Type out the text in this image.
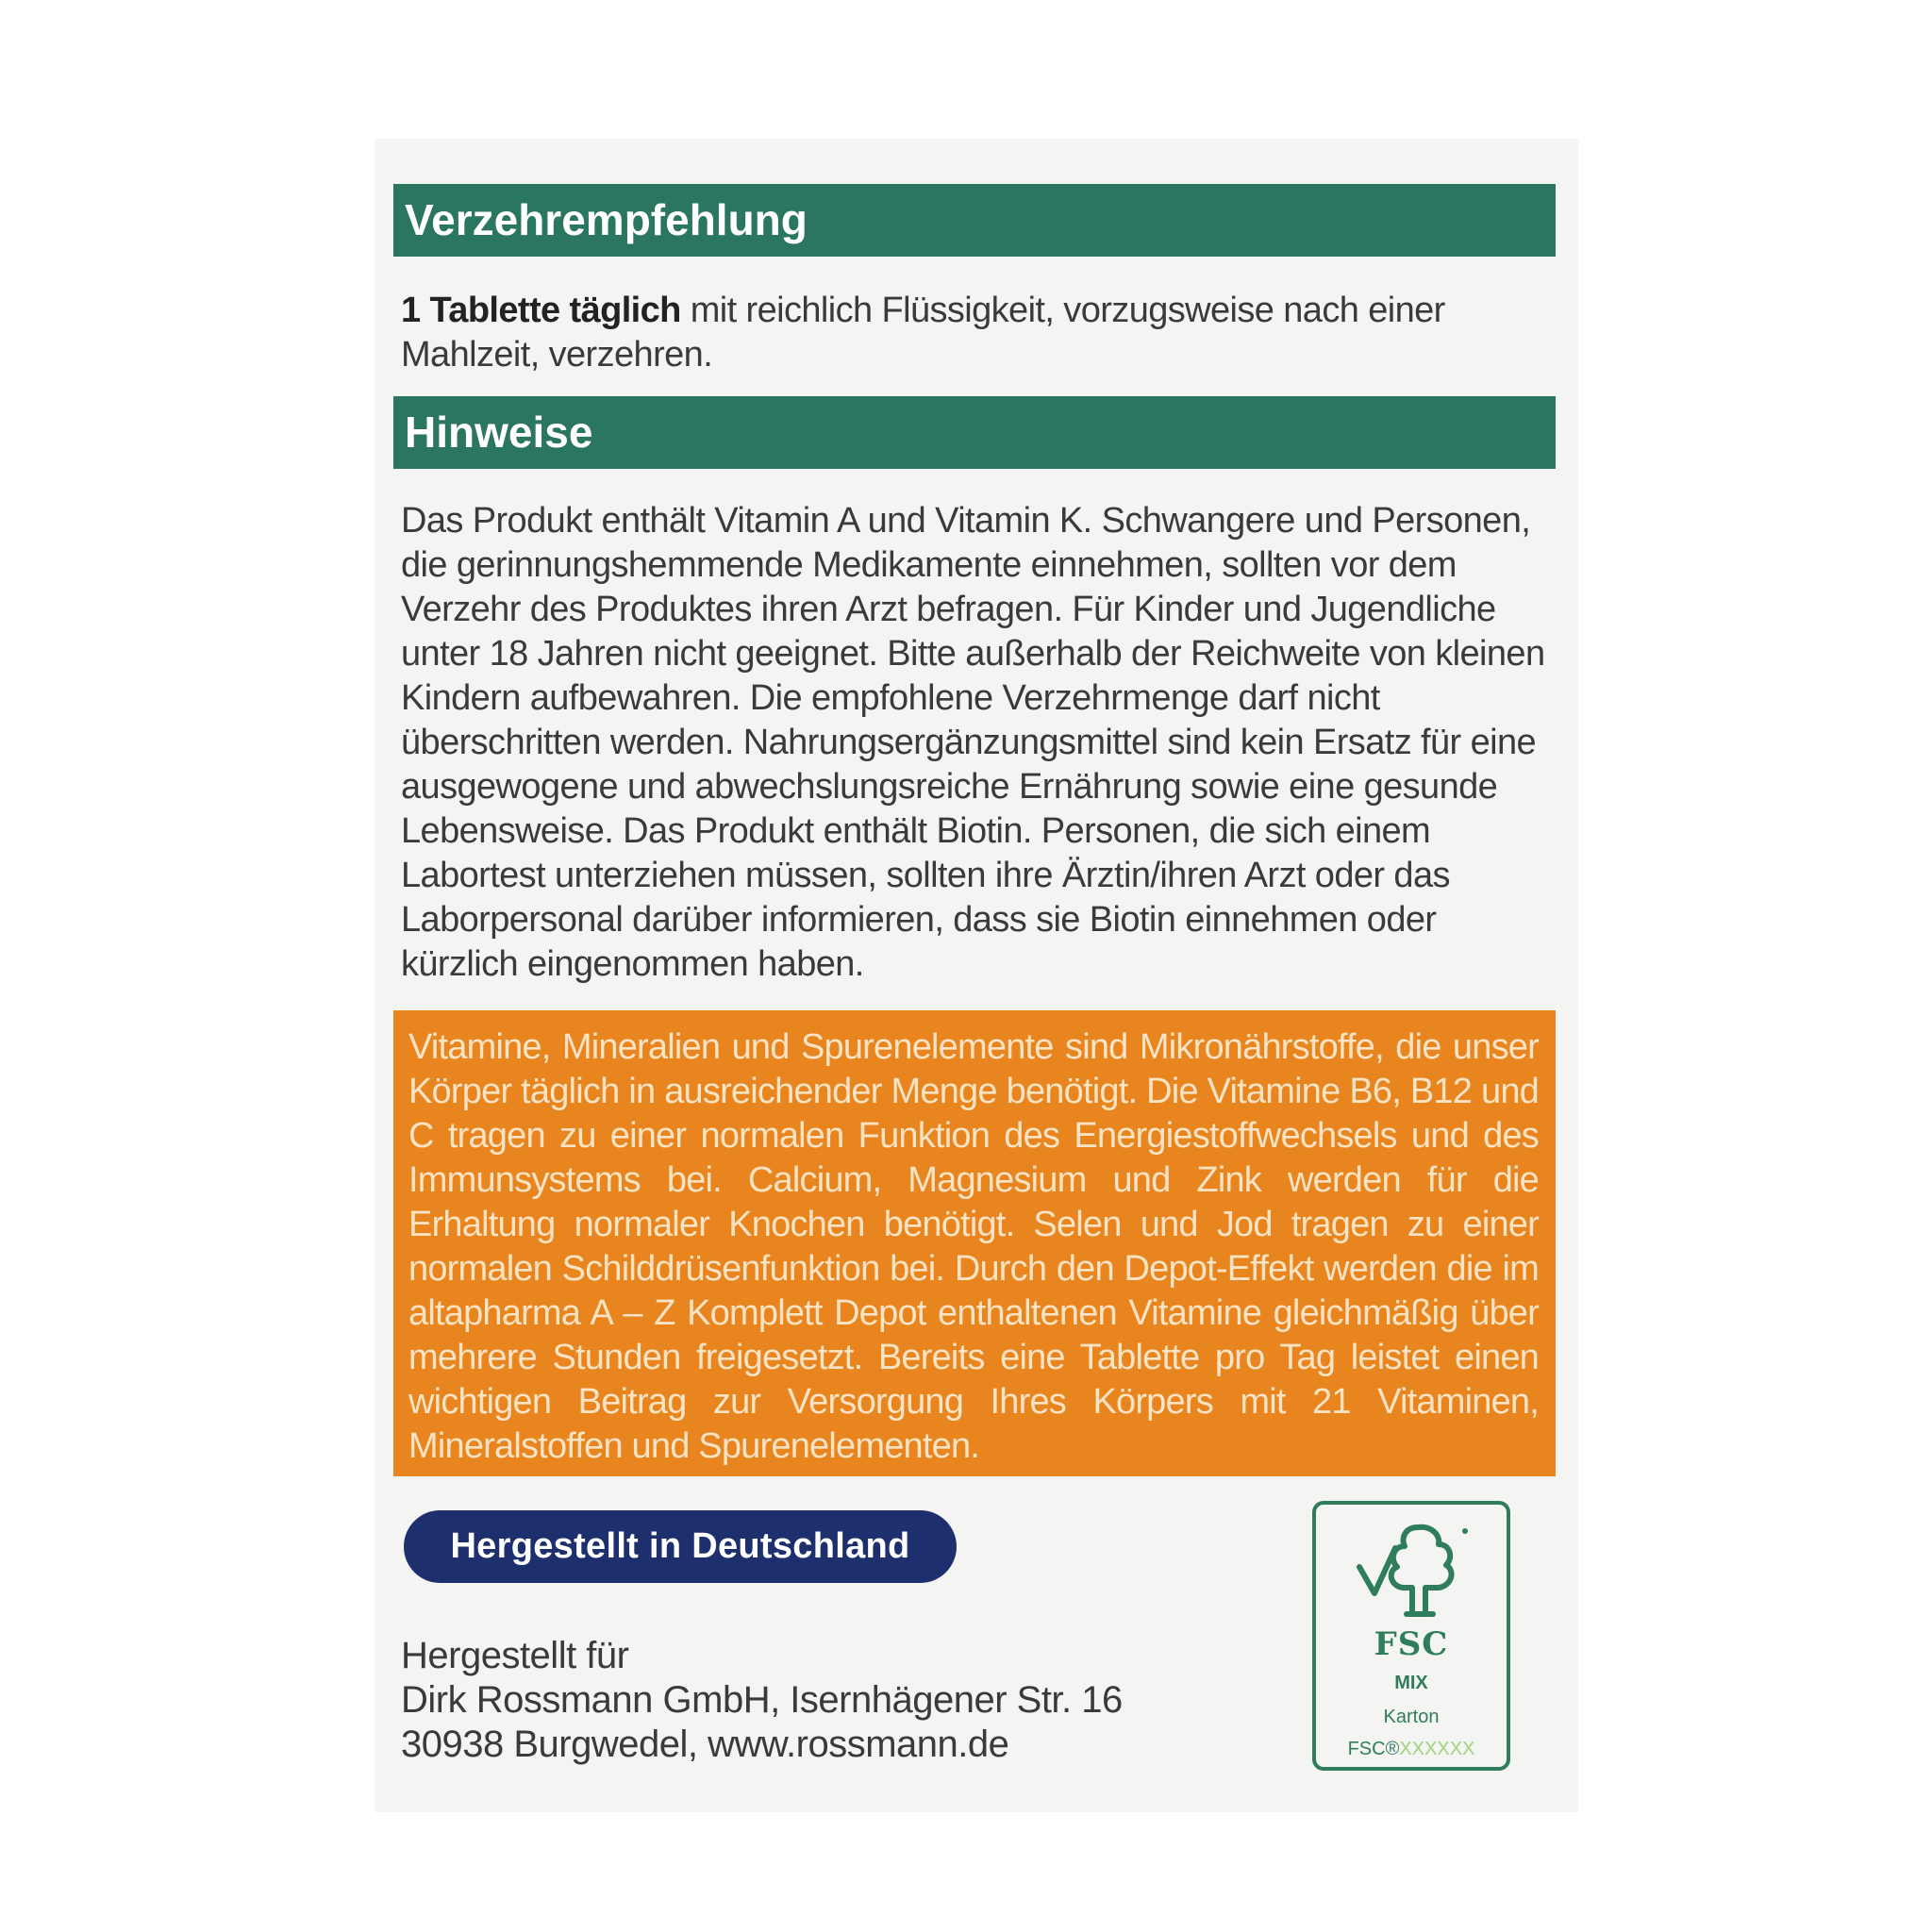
Verzehrempfehlung
1 Tablette täglich mit reichlich Flüssigkeit, vorzugsweise nach einer Mahlzeit, verzehren.
Hinweise
Das Produkt enthält Vitamin A und Vitamin K. Schwangere und Personen, die gerinnungshemmende Medikamente einnehmen, sollten vor dem Verzehr des Produktes ihren Arzt befragen. Für Kinder und Jugendliche unter 18 Jahren nicht geeignet. Bitte außerhalb der Reichweite von kleinen Kindern aufbewahren. Die empfohlene Verzehrmenge darf nicht überschritten werden. Nahrungsergänzungsmittel sind kein Ersatz für eine ausgewogene und abwechslungsreiche Ernährung sowie eine gesunde Lebensweise. Das Produkt enthält Biotin. Personen, die sich einem Labortest unterziehen müssen, sollten ihre Ärztin/ihren Arzt oder das Laborpersonal darüber informieren, dass sie Biotin einnehmen oder kürzlich eingenommen haben.
Vitamine, Mineralien und Spurenelemente sind Mikronährstoffe, die unser Körper täglich in ausreichender Menge benötigt. Die Vitamine B6, B12 und C tragen zu einer normalen Funktion des Energiestoffwechsels und des Immunsystems bei. Calcium, Magnesium und Zink werden für die Erhaltung normaler Knochen benötigt. Selen und Jod tragen zu einer normalen Schilddrüsenfunktion bei. Durch den Depot-Effekt werden die im altapharma A – Z Komplett Depot enthaltenen Vitamine gleichmäßig über mehrere Stunden freigesetzt. Bereits eine Tablette pro Tag leistet einen wichtigen Beitrag zur Versorgung Ihres Körpers mit 21 Vitaminen, Mineralstoffen und Spurenelementen.
Hergestellt in Deutschland
Hergestellt für
Dirk Rossmann GmbH, Isernhägener Str. 16
30938 Burgwedel, www.rossmann.de
FSC
MIX
Karton
FSC®XXXXXX
